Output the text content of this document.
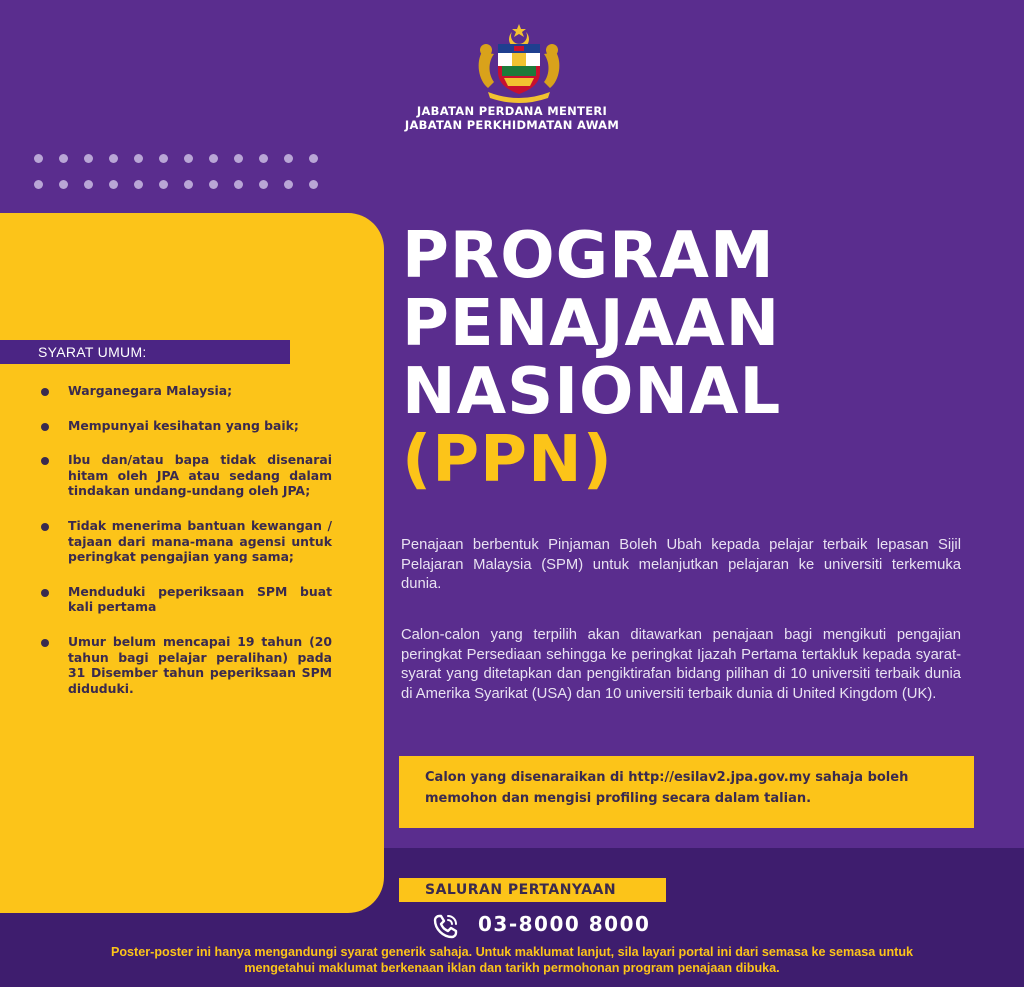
JABATAN PERDANA MENTERI
JABATAN PERKHIDMATAN AWAM
SYARAT UMUM:
Warganegara Malaysia;
Mempunyai kesihatan yang baik;
Ibu dan/atau bapa tidak disenarai hitam oleh JPA atau sedang dalam tindakan undang-undang oleh JPA;
Tidak menerima bantuan kewangan / tajaan dari mana-mana agensi untuk peringkat pengajian yang sama;
Menduduki peperiksaan SPM buat kali pertama
Umur belum mencapai 19 tahun (20 tahun bagi pelajar peralihan) pada 31 Disember tahun peperiksaan SPM diduduki.
PROGRAM
PENAJAAN
NASIONAL
(PPN)
Penajaan berbentuk Pinjaman Boleh Ubah kepada pelajar terbaik lepasan Sijil Pelajaran Malaysia (SPM) untuk melanjutkan pelajaran ke universiti terkemuka dunia.
Calon-calon yang terpilih akan ditawarkan penajaan bagi mengikuti pengajian peringkat Persediaan sehingga ke peringkat Ijazah Pertama tertakluk kepada syarat-syarat yang ditetapkan dan pengiktirafan bidang pilihan di 10 universiti terbaik dunia di Amerika Syarikat (USA) dan 10 universiti terbaik dunia di United Kingdom (UK).
Calon yang disenaraikan di http://esilav2.jpa.gov.my sahaja boleh memohon dan mengisi profiling secara dalam talian.
SALURAN PERTANYAAN
03-8000 8000
Poster-poster ini hanya mengandungi syarat generik sahaja. Untuk maklumat lanjut, sila layari portal ini dari semasa ke semasa untuk
mengetahui maklumat berkenaan iklan dan tarikh permohonan program penajaan dibuka.
